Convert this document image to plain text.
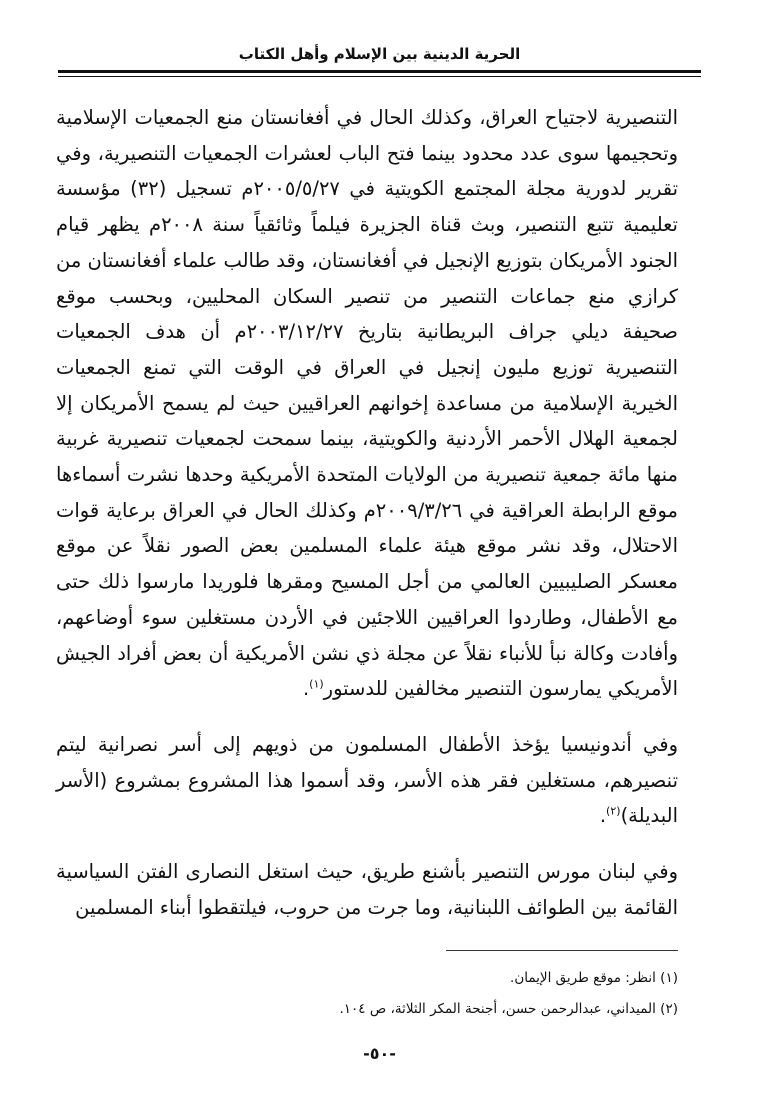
الحرية الدينية بين الإسلام وأهل الكتاب

التنصيرية لاجتياح العراق، وكذلك الحال في أفغانستان منع الجمعيات الإسلامية وتحجيمها سوى عدد محدود بينما فتح الباب لعشرات الجمعيات التنصيرية، وفي تقرير لدورية مجلة المجتمع الكويتية في ٢٠٠٥/٥/٢٧م تسجيل (٣٢) مؤسسة تعليمية تتبع التنصير، وبث قناة الجزيرة فيلماً وثائقياً سنة ٢٠٠٨م يظهر قيام الجنود الأمريكان بتوزيع الإنجيل في أفغانستان، وقد طالب علماء أفغانستان من كرازي منع جماعات التنصير من تنصير السكان المحليين، وبحسب موقع صحيفة ديلي جراف البريطانية بتاريخ ٢٠٠٣/١٢/٢٧م أن هدف الجمعيات التنصيرية توزيع مليون إنجيل في العراق في الوقت التي تمنع الجمعيات الخيرية الإسلامية من مساعدة إخوانهم العراقيين حيث لم يسمح الأمريكان إلا لجمعية الهلال الأحمر الأردنية والكويتية، بينما سمحت لجمعيات تنصيرية غربية منها مائة جمعية تنصيرية من الولايات المتحدة الأمريكية وحدها نشرت أسماءها موقع الرابطة العراقية في ٢٠٠٩/٣/٢٦م وكذلك الحال في العراق برعاية قوات الاحتلال، وقد نشر موقع هيئة علماء المسلمين بعض الصور نقلاً عن موقع معسكر الصليبيين العالمي من أجل المسيح ومقرها فلوريدا مارسوا ذلك حتى مع الأطفال، وطاردوا العراقيين اللاجئين في الأردن مستغلين سوء أوضاعهم، وأفادت وكالة نبأ للأنباء نقلاً عن مجلة ذي نشن الأمريكية أن بعض أفراد الجيش الأمريكي يمارسون التنصير مخالفين للدستور$^{(١)}$.

وفي أندونيسيا يؤخذ الأطفال المسلمون من ذويهم إلى أسر نصرانية ليتم تنصيرهم، مستغلين فقر هذه الأسر، وقد أسموا هذا المشروع بمشروع (الأسر البديلة)$^{(٢)}$.

وفي لبنان مورس التنصير بأشنع طريق، حيث استغل النصارى الفتن السياسية القائمة بين الطوائف اللبنانية، وما جرت من حروب، فيلتقطوا أبناء المسلمين

(١) انظر: موقع طريق الإيمان.

(٢) الميداني، عبدالرحمن حسن، أجنحة المكر الثلاثة، ص ١٠٤.

-٥٠-
